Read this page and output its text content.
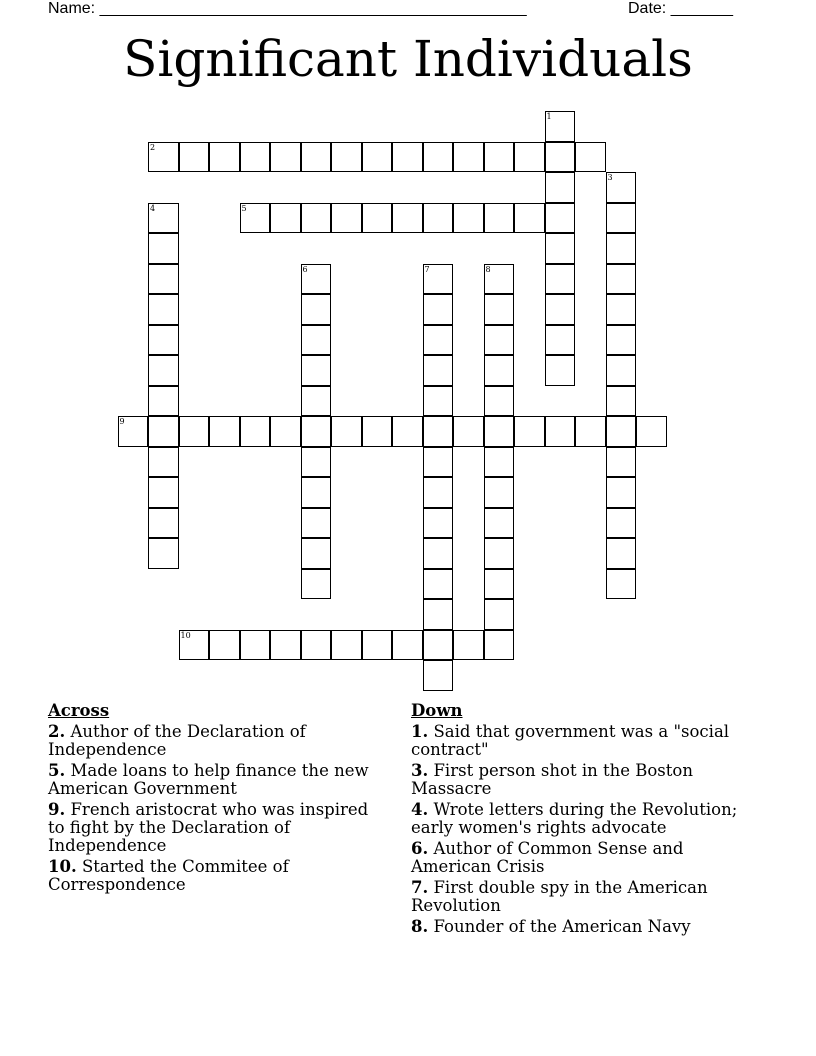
Name: ________________________________________________	Date: _______
Significant Individuals
1
2
3
4	5
6	7	8
9
10
Across
2. Author of the Declaration of Independence
5. Made loans to help finance the new American Government
9. French aristocrat who was inspired to fight by the Declaration of Independence
10. Started the Commitee of Correspondence
Down
1. Said that government was a "social contract"
3. First person shot in the Boston Massacre
4. Wrote letters during the Revolution; early women's rights advocate
6. Author of Common Sense and American Crisis
7. First double spy in the American Revolution
8. Founder of the American Navy
